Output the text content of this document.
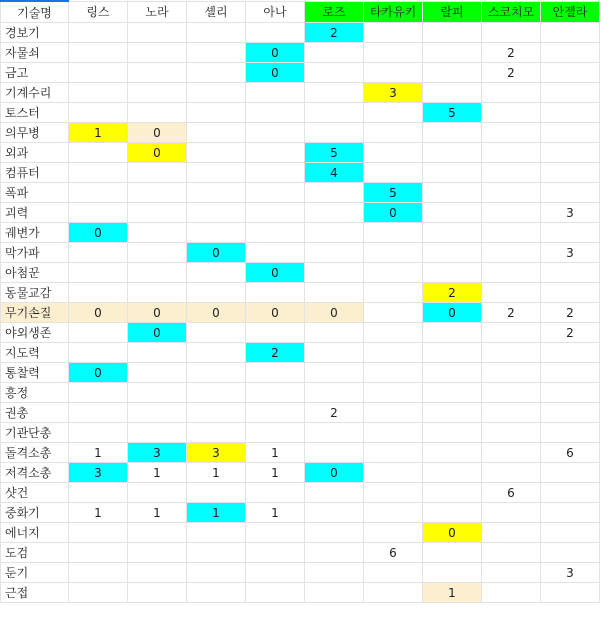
기술명	링스	노라	셸리	아나	로즈	타카유키	랄피	스코치모	안젤라
경보기					2				
자물쇠				0				2	
금고				0				2	
기계수리						3			
토스터							5		
의무병	1	0							
외과		0			5				
컴퓨터					4				
폭파						5			
괴력						0			3
궤변가	0								
막가파			0						3
아첨꾼				0					
동물교감							2		
무기손질	0	0	0	0	0		0	2	2
야외생존		0							2
지도력				2					
통찰력	0								
흥정									
권총					2				
기관단총									
돌격소총	1	3	3	1					6
저격소총	3	1	1	1	0				
샷건								6	
중화기	1	1	1	1					
에너지							0		
도검						6			
둔기									3
근접							1		
